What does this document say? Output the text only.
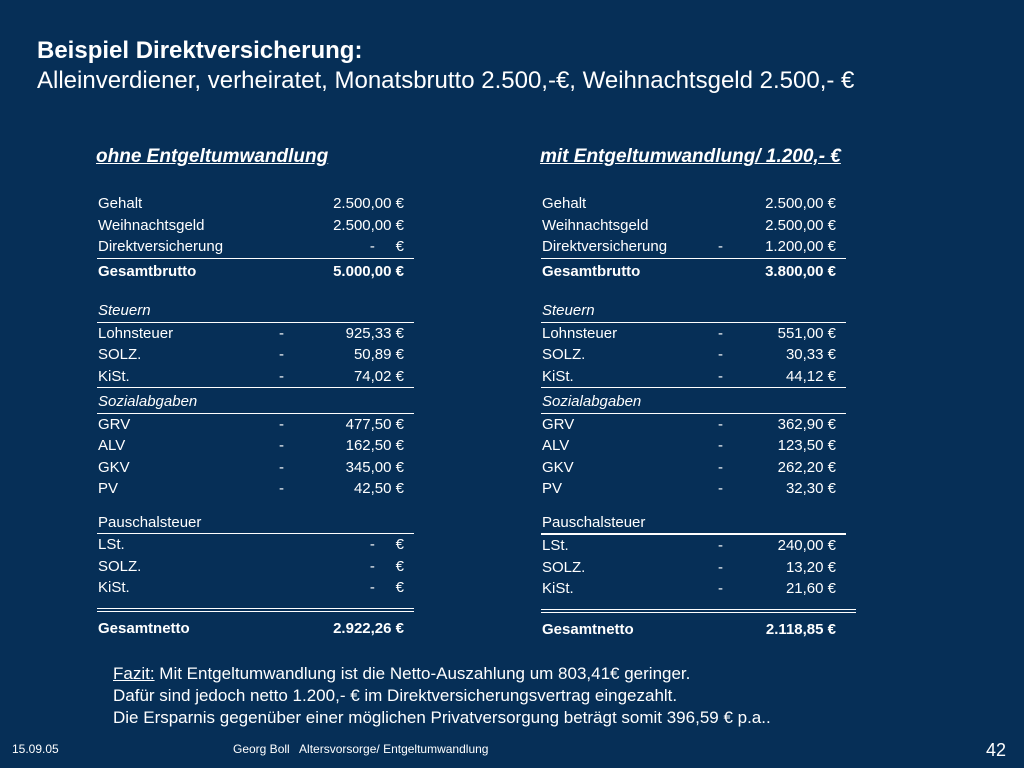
Beispiel Direktversicherung:
Alleinverdiener, verheiratet, Monatsbrutto 2.500,-€, Weihnachtsgeld 2.500,- €
ohne Entgeltumwandlung	mit Entgeltumwandlung/ 1.200,- €
Gehalt	2.500,00 €
Weihnachtsgeld	2.500,00 €
Direktversicherung	-     €
Gesamtbrutto	5.000,00 €
Steuern
Lohnsteuer	-	925,33 €
SOLZ.	-	50,89 €
KiSt.	-	74,02 €
Sozialabgaben
GRV	-	477,50 €
ALV	-	162,50 €
GKV	-	345,00 €
PV	-	42,50 €
Pauschalsteuer
LSt.	-     €
SOLZ.	-     €
KiSt.	-     €
Gesamtnetto	2.922,26 €
Gehalt	2.500,00 €
Weihnachtsgeld	2.500,00 €
Direktversicherung	-	1.200,00 €
Gesamtbrutto	3.800,00 €
Steuern
Lohnsteuer	-	551,00 €
SOLZ.	-	30,33 €
KiSt.	-	44,12 €
Sozialabgaben
GRV	-	362,90 €
ALV	-	123,50 €
GKV	-	262,20 €
PV	-	32,30 €
Pauschalsteuer
LSt.	-	240,00 €
SOLZ.	-	13,20 €
KiSt.	-	21,60 €
Gesamtnetto	2.118,85 €
Fazit: Mit Entgeltumwandlung ist die Netto-Auszahlung um 803,41€ geringer.
Dafür sind jedoch netto 1.200,- € im Direktversicherungsvertrag eingezahlt.
Die Ersparnis gegenüber einer möglichen Privatversorgung beträgt somit 396,59 € p.a..
15.09.05	Georg Boll   Altersvorsorge/ Entgeltumwandlung	42
